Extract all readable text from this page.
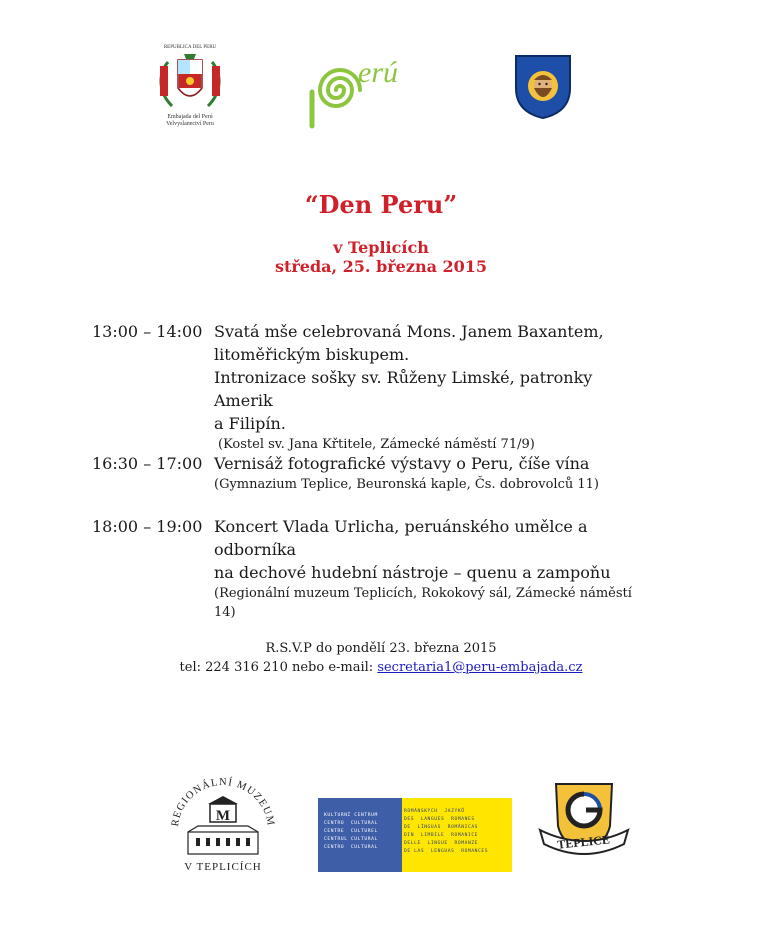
REPUBLICA DEL PERU
Embajada del Perú
Velvyslanectví Peru
erú
“Den Peru”
v Teplicích
středa, 25. března 2015
13:00 – 14:00 Svatá mše celebrovaná Mons. Janem Baxantem,

litoměřickým biskupem.

Intronizace sošky sv. Růženy Limské, patronky Amerik

a Filipín.

(Kostel sv. Jana Křtitele, Zámecké náměstí 71/9)

16:30 – 17:00 Vernisáž fotografické výstavy o Peru, číše vína

(Gymnazium Teplice, Beuronská kaple, Čs. dobrovolců 11)

18:00 – 19:00 Koncert Vlada Urlicha, peruánského umělce a odborníka

na dechové hudební nástroje – quenu a zampoňu

(Regionální muzeum Teplicích, Rokokový sál, Zámecké náměstí

14)

R.S.V.P do pondělí 23. března 2015
tel: 224 316 210 nebo e-mail: secretaria1@peru-embajada.cz
REGIONÁLNÍ MUZEUM
M
V TEPLICÍCH
KULTURNÍ CENTRUM
CENTRO  CULTURAL
CENTRE  CULTUREL
CENTRUL CULTURAL
CENTRO  CULTURAL
ROMÁNSKÝCH  JAZYKŮ
DES  LANGUES  ROMANES
DE  LÍNGUAS  ROMÂNICAS
DIN  LIMBILE  ROMANICE
DELLE  LINGUE  ROMANZE
DE LAS  LENGUAS  ROMANCES	TEPLICE
